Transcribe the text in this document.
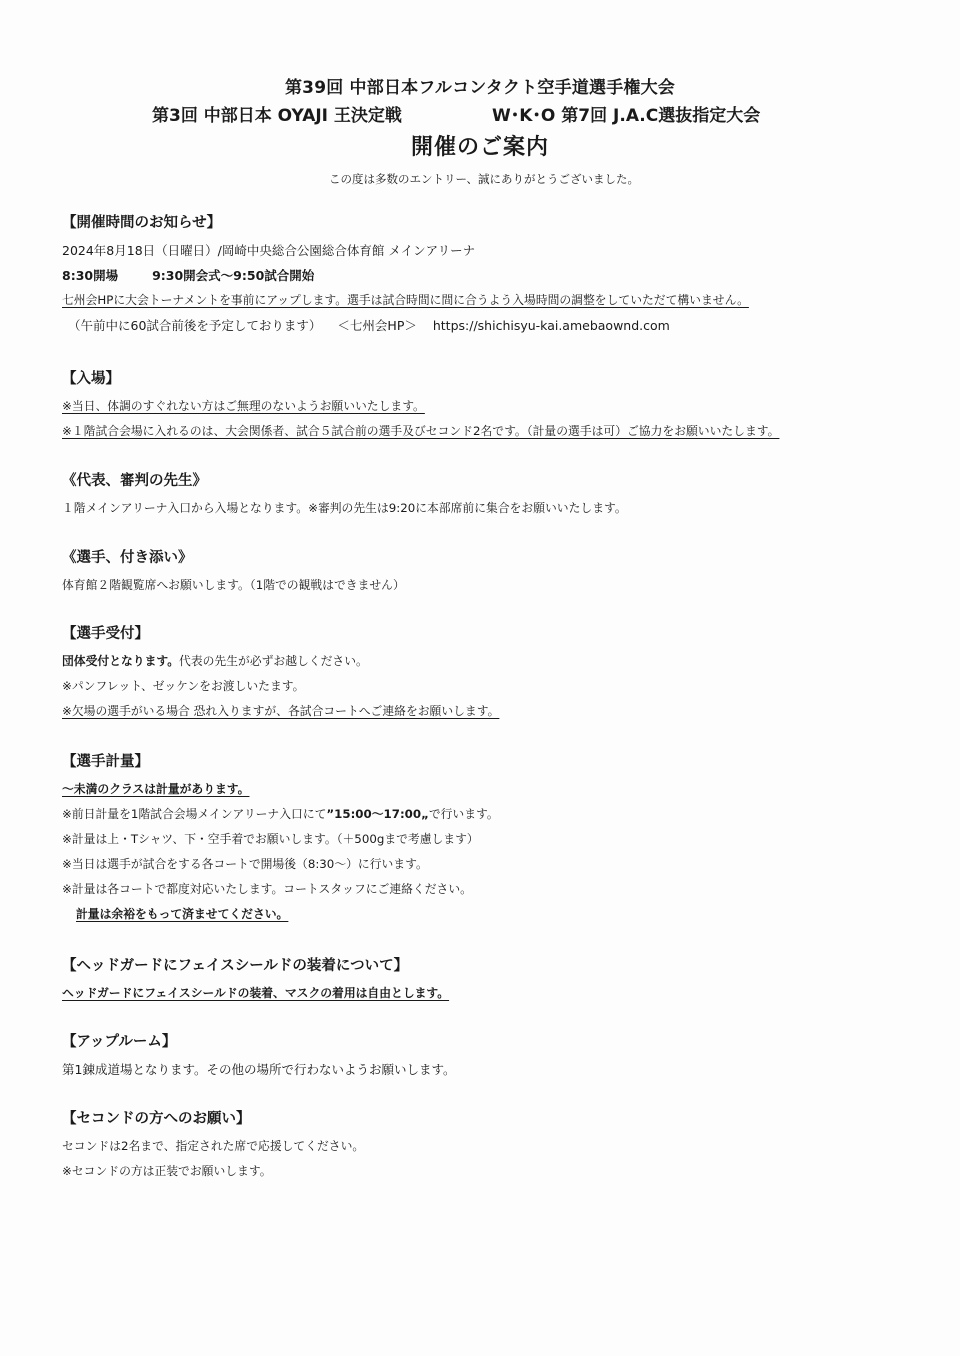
第39回 中部日本フルコンタクト空手道選手権大会
第3回 中部日本 OYAJI 王決定戦	W･K･O 第7回 J.A.C選抜指定大会
開催のご案内
この度は多数のエントリー、誠にありがとうございました。
【開催時間のお知らせ】
2024年8月18日（日曜日）/岡崎中央総合公園総合体育館 メインアリーナ
8:30開場	9:30開会式～9:50試合開始
七州会HPに大会トーナメントを事前にアップします。選手は試合時間に間に合うよう入場時間の調整をしていただて構いません。
（午前中に60試合前後を予定しております） ＜七州会HP＞ https://shichisyu-kai.amebaownd.com
【入場】
※当日、体調のすぐれない方はご無理のないようお願いいたします。
※１階試合会場に入れるのは、大会関係者、試合５試合前の選手及びセコンド2名です。（計量の選手は可）ご協力をお願いいたします。
《代表、審判の先生》
１階メインアリーナ入口から入場となります。※審判の先生は9:20に本部席前に集合をお願いいたします。
《選手、付き添い》
体育館２階観覧席へお願いします。（1階での観戦はできません）
【選手受付】
団体受付となります。代表の先生が必ずお越しください。
※パンフレット、ゼッケンをお渡しいたます。
※欠場の選手がいる場合 恐れ入りますが、各試合コートへご連絡をお願いします。
【選手計量】
～未満のクラスは計量があります。
※前日計量を1階試合会場メインアリーナ入口にて”15:00～17:00„で行います。
※計量は上・Tシャツ、下・空手着でお願いします。（＋500gまで考慮します）
※当日は選手が試合をする各コートで開場後（8:30～）に行います。
※計量は各コートで都度対応いたします。コートスタッフにご連絡ください。
計量は余裕をもって済ませてください。
【ヘッドガードにフェイスシールドの装着について】
ヘッドガードにフェイスシールドの装着、マスクの着用は自由とします。
【アップルーム】
第1錬成道場となります。その他の場所で行わないようお願いします。
【セコンドの方へのお願い】
セコンドは2名まで、指定された席で応援してください。
※セコンドの方は正装でお願いします。
